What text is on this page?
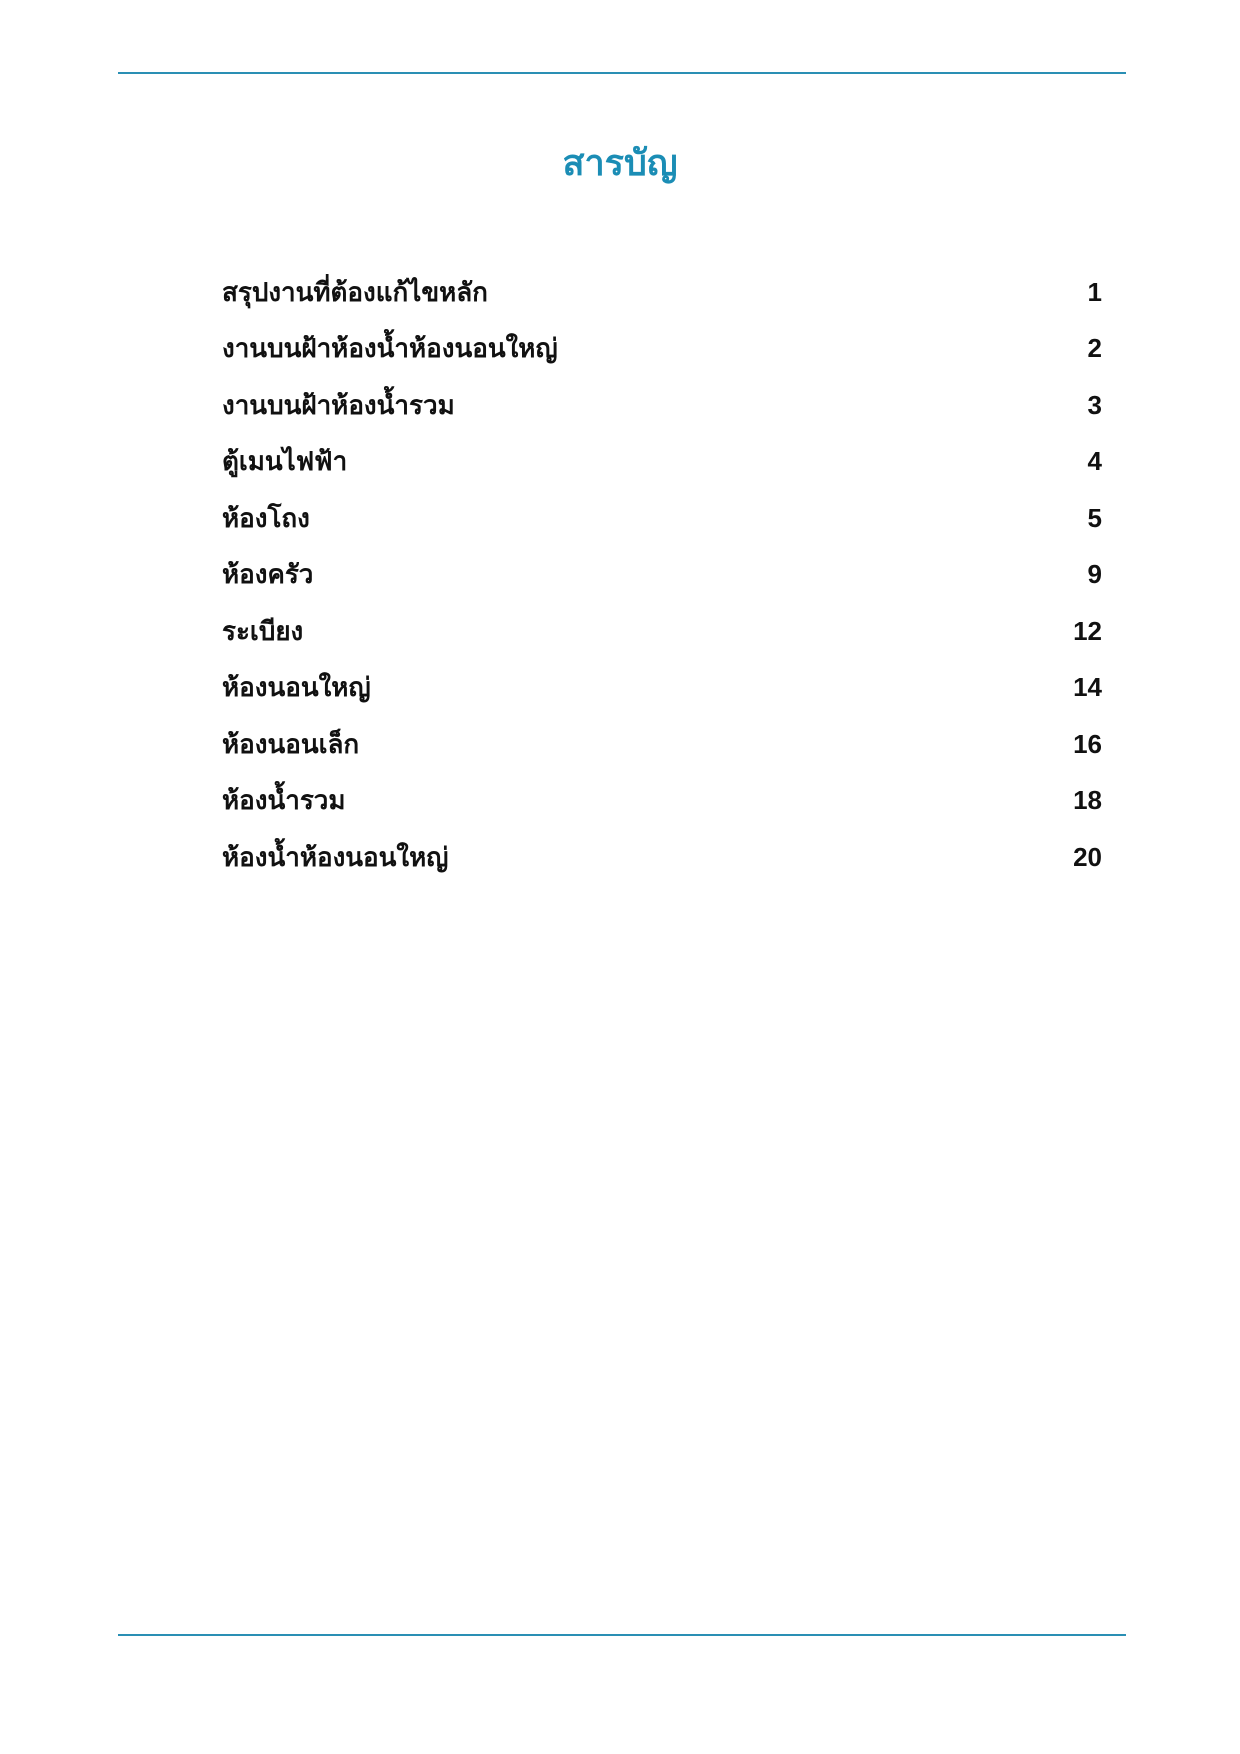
สารบัญ
สรุปงานที่ต้องแก้ไขหลัก	1
งานบนฝ้าห้องน้ำห้องนอนใหญ่	2
งานบนฝ้าห้องน้ำรวม	3
ตู้เมนไฟฟ้า	4
ห้องโถง	5
ห้องครัว	9
ระเบียง	12
ห้องนอนใหญ่	14
ห้องนอนเล็ก	16
ห้องน้ำรวม	18
ห้องน้ำห้องนอนใหญ่	20
